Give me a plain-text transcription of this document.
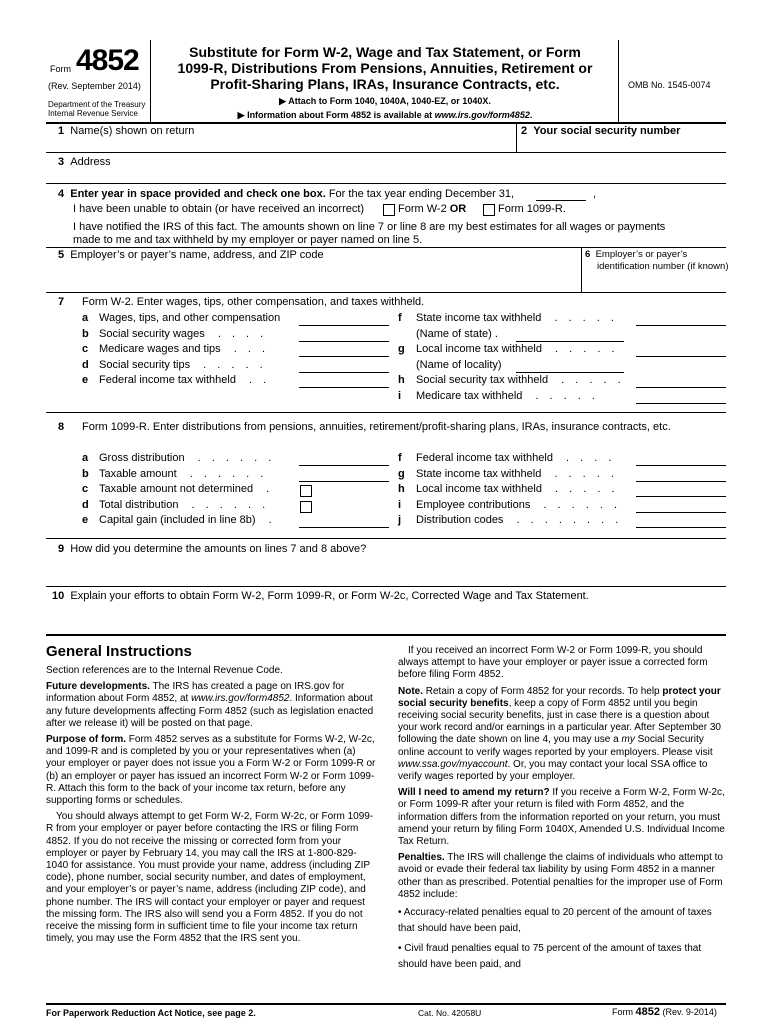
Form 4852
(Rev. September 2014)
Department of the Treasury
Internal Revenue Service
Substitute for Form W-2, Wage and Tax Statement, or Form
1099-R, Distributions From Pensions, Annuities, Retirement or
Profit-Sharing Plans, IRAs, Insurance Contracts, etc.
▶ Attach to Form 1040, 1040A, 1040-EZ, or 1040X.
▶ Information about Form 4852 is available at www.irs.gov/form4852.
OMB No. 1545-0074
1 Name(s) shown on return	2 Your social security number
3 Address
4 Enter year in space provided and check one box. For the tax year ending December 31,	,
I have been unable to obtain (or have received an incorrect)	Form W-2 OR	Form 1099-R.
I have notified the IRS of this fact. The amounts shown on line 7 or line 8 are my best estimates for all wages or payments
made to me and tax withheld by my employer or payer named on line 5.
5 Employer’s or payer’s name, address, and ZIP code	6 Employer’s or payer’s
identification number (if known)
7 Form W-2. Enter wages, tips, other compensation, and taxes withheld.
a Wages, tips, and other compensation
b Social security wages . . . .
c Medicare wages and tips . . .
d Social security tips . . . . .
e Federal income tax withheld . .
f State income tax withheld . . . . .
(Name of state) .
g Local income tax withheld . . . . .
(Name of locality)
h Social security tax withheld . . . . .
i Medicare tax withheld . . . . .
8 Form 1099-R. Enter distributions from pensions, annuities, retirement/profit-sharing plans, IRAs, insurance contracts, etc.
a Gross distribution . . . . . .
b Taxable amount . . . . . .
c Taxable amount not determined .
d Total distribution . . . . . .
e Capital gain (included in line 8b) .
f Federal income tax withheld . . . .
g State income tax withheld . . . . .
h Local income tax withheld . . . . .
i Employee contributions . . . . . .
j Distribution codes . . . . . . . .
9 How did you determine the amounts on lines 7 and 8 above?
10 Explain your efforts to obtain Form W-2, Form 1099-R, or Form W-2c, Corrected Wage and Tax Statement.
General Instructions

Section references are to the Internal Revenue Code.

Future developments. The IRS has created a page on IRS.gov for information about Form 4852, at www.irs.gov/form4852. Information about any future developments affecting Form 4852 (such as legislation enacted after we release it) will be posted on that page.

Purpose of form. Form 4852 serves as a substitute for Forms W-2, W-2c, and 1099-R and is completed by you or your representatives when (a) your employer or payer does not issue you a Form W-2 or Form 1099-R or (b) an employer or payer has issued an incorrect Form W-2 or Form 1099-R. Attach this form to the back of your income tax return, before any supporting forms or schedules.

You should always attempt to get Form W-2, Form W-2c, or Form 1099-R from your employer or payer before contacting the IRS or filing Form 4852. If you do not receive the missing or corrected form from your employer or payer by February 14, you may call the IRS at 1-800-829-1040 for assistance. You must provide your name, address (including ZIP code), phone number, social security number, and dates of employment, and your employer’s or payer’s name, address (including ZIP code), and phone number. The IRS will contact your employer or payer and request the missing form. The IRS also will send you a Form 4852. If you do not receive the missing form in sufficient time to file your income tax return timely, you may use the Form 4852 that the IRS sent you.

If you received an incorrect Form W-2 or Form 1099-R, you should always attempt to have your employer or payer issue a corrected form before filing Form 4852.

Note. Retain a copy of Form 4852 for your records. To help protect your social security benefits, keep a copy of Form 4852 until you begin receiving social security benefits, just in case there is a question about your work record and/or earnings in a particular year. After September 30 following the date shown on line 4, you may use a my Social Security online account to verify wages reported by your employers. Please visit www.ssa.gov/myaccount. Or, you may contact your local SSA office to verify wages reported by your employer.

Will I need to amend my return? If you receive a Form W-2, Form W-2c, or Form 1099-R after your return is filed with Form 4852, and the information differs from the information reported on your return, you must amend your return by filing Form 1040X, Amended U.S. Individual Income Tax Return.

Penalties. The IRS will challenge the claims of individuals who attempt to avoid or evade their federal tax liability by using Form 4852 in a manner other than as prescribed. Potential penalties for the improper use of Form 4852 include:

• Accuracy-related penalties equal to 20 percent of the amount of taxes that should have been paid,

• Civil fraud penalties equal to 75 percent of the amount of taxes that should have been paid, and

For Paperwork Reduction Act Notice, see page 2.	Cat. No. 42058U	Form 4852 (Rev. 9-2014)
